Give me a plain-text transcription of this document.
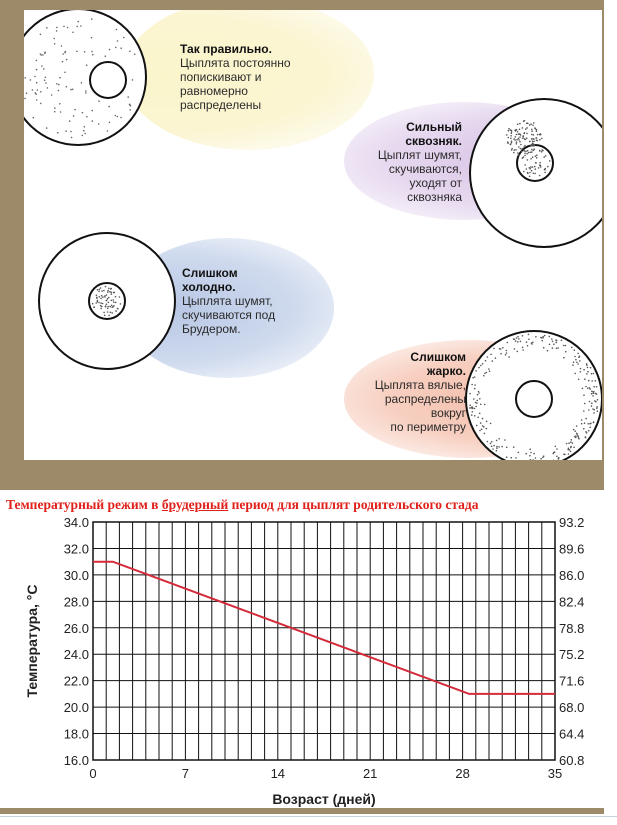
Так правильно.
Цыплята постоянно
попискивают и
равномерно
распределены
Сильный
сквозняк.
Цыплят шумят,
скучиваются,
уходят от
сквозняка
Слишком
холодно.
Цыплята шумят,
скучиваются под
Брудером.
Слишком
жарко.
Цыплята вялые,
распределены
вокруг
по периметру

Температурный режим в брудерный период для цыплят родительского стада

16.0
18.0
20.0
22.0
24.0
26.0
28.0
30.0
32.0
34.0
60.8
64.4
68.0
71.6
75.2
78.8
82.4
86.0
89.6
93.2
0	7	14	21	28	35
Возраст (дней)
Температура, °C
